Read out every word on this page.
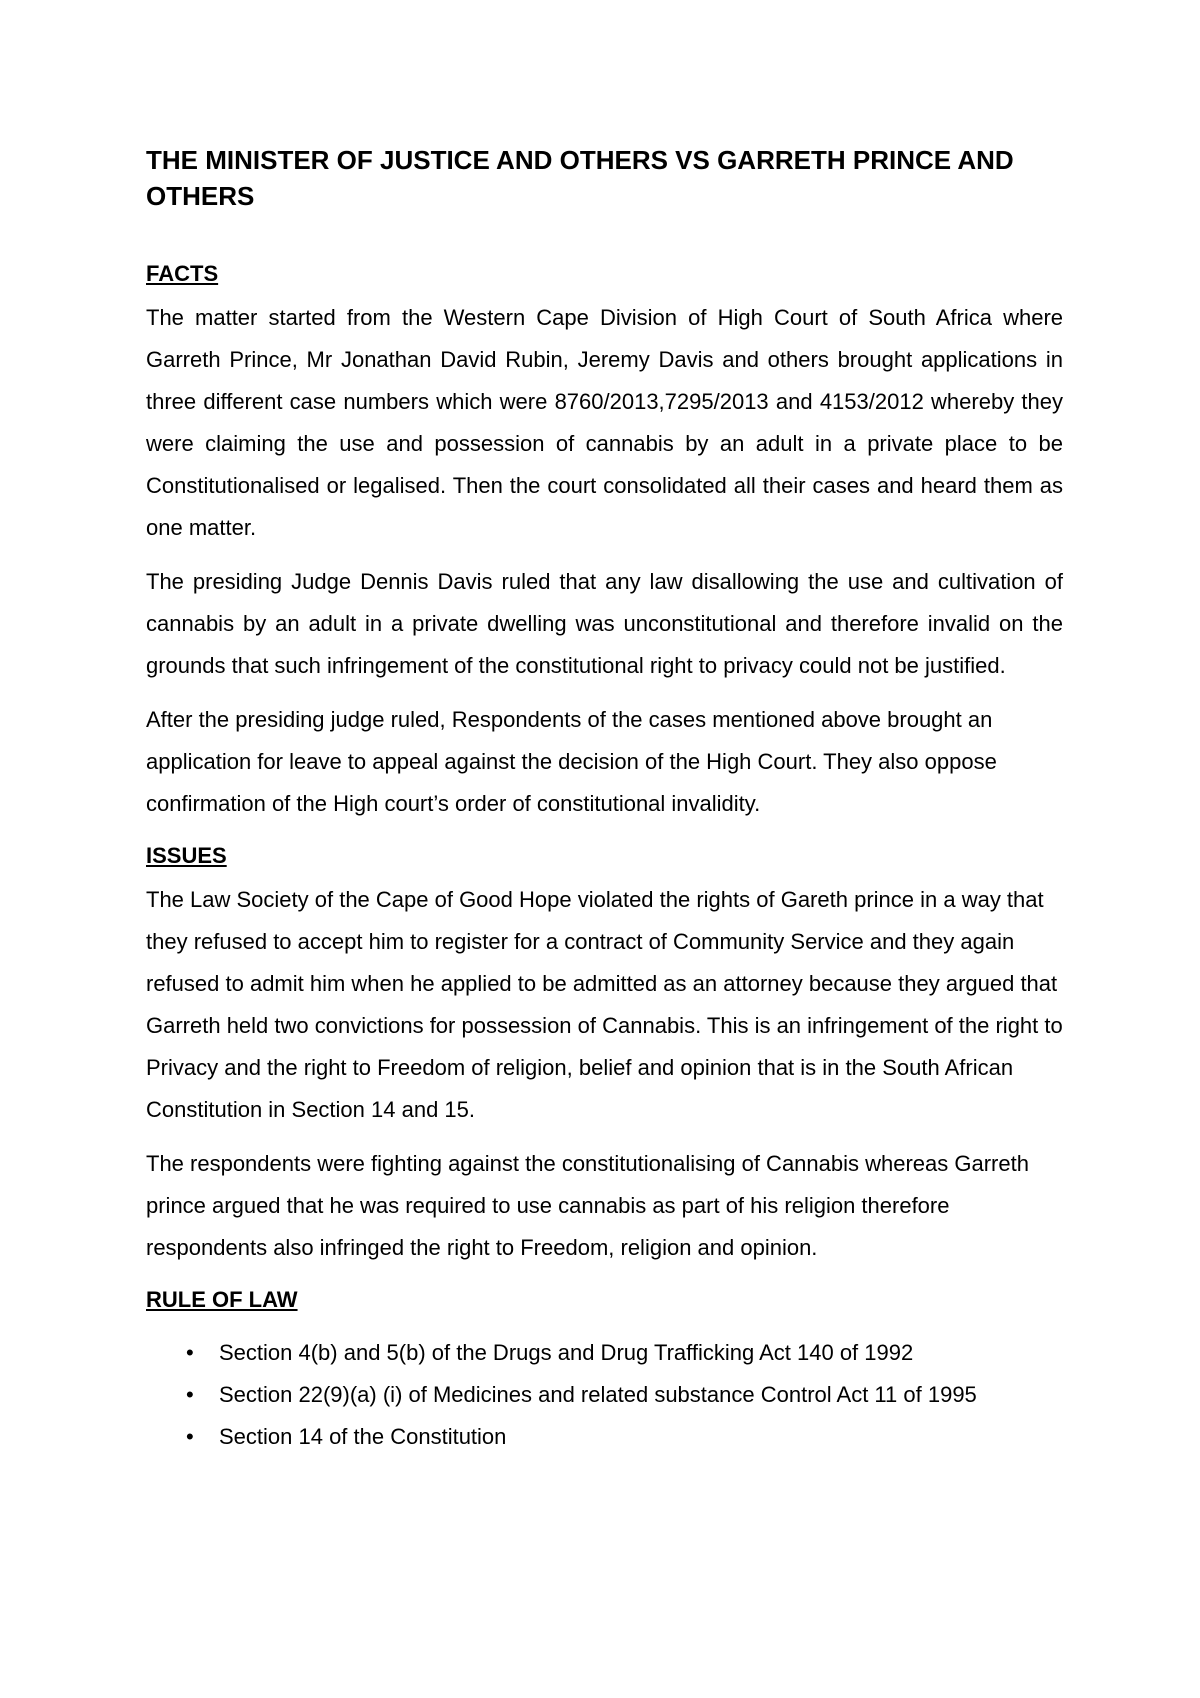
THE MINISTER OF JUSTICE AND OTHERS VS GARRETH PRINCE AND OTHERS
FACTS

The matter started from the Western Cape Division of High Court of South Africa where Garreth Prince, Mr Jonathan David Rubin, Jeremy Davis and others brought applications in three different case numbers which were 8760/2013,7295/2013 and 4153/2012 whereby they were claiming the use and possession of cannabis by an adult in a private place to be Constitutionalised or legalised. Then the court consolidated all their cases and heard them as one matter.

The presiding Judge Dennis Davis ruled that any law disallowing the use and cultivation of cannabis by an adult in a private dwelling was unconstitutional and therefore invalid on the grounds that such infringement of the constitutional right to privacy could not be justified.

After the presiding judge ruled, Respondents of the cases mentioned above brought an application for leave to appeal against the decision of the High Court. They also oppose confirmation of the High court’s order of constitutional invalidity.

ISSUES

The Law Society of the Cape of Good Hope violated the rights of Gareth prince in a way that they refused to accept him to register for a contract of Community Service and they again refused to admit him when he applied to be admitted as an attorney because they argued that Garreth held two convictions for possession of Cannabis. This is an infringement of the right to Privacy and the right to Freedom of religion, belief and opinion that is in the South African Constitution in Section 14 and 15.

The respondents were fighting against the constitutionalising of Cannabis whereas Garreth prince argued that he was required to use cannabis as part of his religion therefore respondents also infringed the right to Freedom, religion and opinion.

RULE OF LAW
• Section 4(b) and 5(b) of the Drugs and Drug Trafficking Act 140 of 1992
• Section 22(9)(a) (i) of Medicines and related substance Control Act 11 of 1995
• Section 14 of the Constitution
